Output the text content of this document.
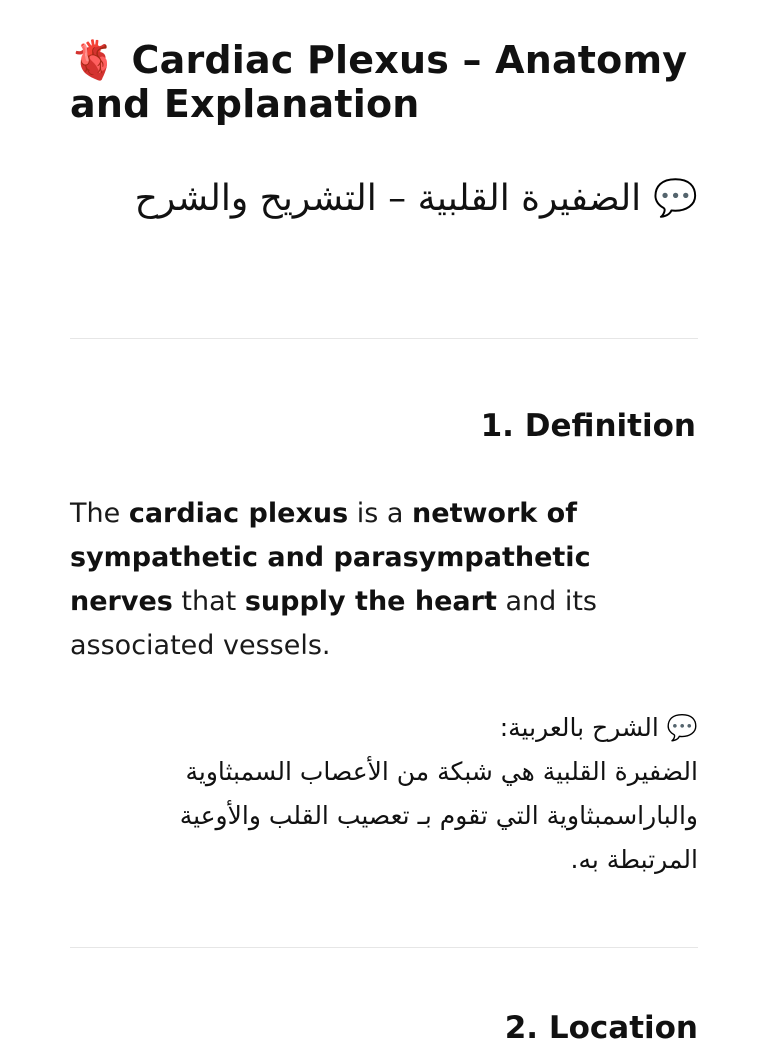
🫀 Cardiac Plexus – Anatomy and Explanation
💬الضفيرة القلبية – التشريح والشرح
1. Definition

The cardiac plexus is a network of sympathetic and parasympathetic nerves that supply the heart and its associated vessels.

💬الشرح بالعربية:
الضفيرة القلبية هي شبكة من الأعصاب السمبثاوية والباراسمبثاوية التي تقوم بـ تعصيب القلب والأوعية المرتبطة به.
2. Location
